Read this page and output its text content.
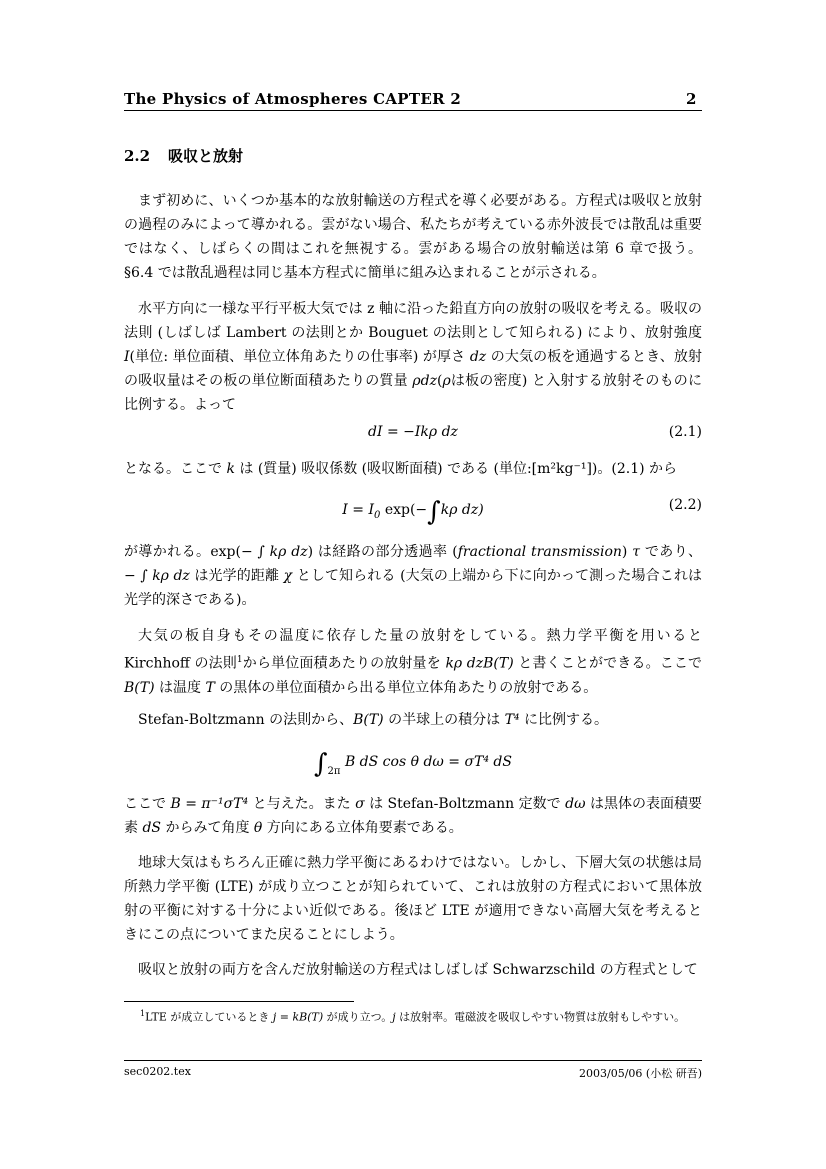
The Physics of Atmospheres CAPTER 2	2
2.2 吸収と放射
まず初めに、いくつか基本的な放射輸送の方程式を導く必要がある。方程式は吸収と放射の過程のみによって導かれる。雲がない場合、私たちが考えている赤外波長では散乱は重要ではなく、しばらくの間はこれを無視する。雲がある場合の放射輸送は第 6 章で扱う。§6.4 では散乱過程は同じ基本方程式に簡単に組み込まれることが示される。
水平方向に一様な平行平板大気では z 軸に沿った鉛直方向の放射の吸収を考える。吸収の法則 (しばしば Lambert の法則とか Bouguet の法則として知られる) により、放射強度 I(単位: 単位面積、単位立体角あたりの仕事率) が厚さ dz の大気の板を通過するとき、放射の吸収量はその板の単位断面積あたりの質量 ρdz(ρは板の密度) と入射する放射そのものに比例する。よって
dI = −Ikρ dz	(2.1)
となる。ここで k は (質量) 吸収係数 (吸収断面積) である (単位:[m²kg⁻¹])。(2.1) から
$I = I_0$ exp(−∫kρ dz)	(2.2)
が導かれる。exp(− ∫ kρ dz) は経路の部分透過率 (fractional transmission) τ であり、− ∫ kρ dz は光学的距離 χ として知られる (大気の上端から下に向かって測った場合これは光学的深さである)。
大気の板自身もその温度に依存した量の放射をしている。熱力学平衡を用いると Kirchhoff の法則$^1$から単位面積あたりの放射量を kρ dzB(T) と書くことができる。ここで B(T) は温度 T の黒体の単位面積から出る単位立体角あたりの放射である。
Stefan-Boltzmann の法則から、B(T) の半球上の積分は T⁴ に比例する。
$\int_{2\pi}$ B dS cos θ dω = σT⁴ dS
ここで B = π⁻¹σT⁴ と与えた。また σ は Stefan-Boltzmann 定数で dω は黒体の表面積要素 dS からみて角度 θ 方向にある立体角要素である。
地球大気はもちろん正確に熱力学平衡にあるわけではない。しかし、下層大気の状態は局所熱力学平衡 (LTE) が成り立つことが知られていて、これは放射の方程式において黒体放射の平衡に対する十分によい近似である。後ほど LTE が適用できない高層大気を考えるときにこの点についてまた戻ることにしよう。
吸収と放射の両方を含んだ放射輸送の方程式はしばしば Schwarzschild の方程式として
$^1$LTE が成立しているとき j = kB(T) が成り立つ。j は放射率。電磁波を吸収しやすい物質は放射もしやすい。
sec0202.tex	2003/05/06 (小松 研吾)
